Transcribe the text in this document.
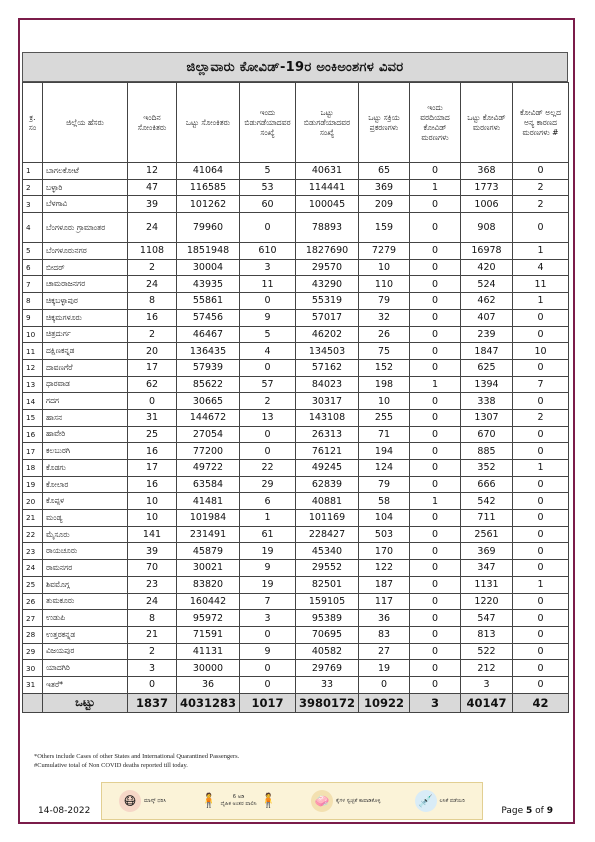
ಜಿಲ್ಲಾವಾರು ಕೋವಿಡ್-19ರ ಅಂಕಿಅಂಶಗಳ ವಿವರ
ಕ್ರ. ಸಂ	ಜಿಲ್ಲೆಯ ಹೆಸರು	ಇಂದಿನ ಸೋಂಕಿತರು	ಒಟ್ಟು ಸೋಂಕಿತರು	ಇಂದು ಬಿಡುಗಡೆಯಾದವರ ಸಂಖ್ಯೆ	ಒಟ್ಟು ಬಿಡುಗಡೆಯಾದವರ ಸಂಖ್ಯೆ	ಒಟ್ಟು ಸಕ್ರಿಯ ಪ್ರಕರಣಗಳು	ಇಂದು ವರದಿಯಾದ ಕೋವಿಡ್ ಮರಣಗಳು	ಒಟ್ಟು ಕೋವಿಡ್ ಮರಣಗಳು	ಕೋವಿಡ್ ಅಲ್ಲದ ಅನ್ಯ ಕಾರಣದ ಮರಣಗಳು #
1	ಬಾಗಲಕೋಟೆ	12	41064	5	40631	65	0	368	0
2	ಬಳ್ಳಾರಿ	47	116585	53	114441	369	1	1773	2
3	ಬೆಳಗಾವಿ	39	101262	60	100045	209	0	1006	2
4	ಬೆಂಗಳೂರು ಗ್ರಾಮಾಂತರ	24	79960	0	78893	159	0	908	0
5	ಬೆಂಗಳೂರುನಗರ	1108	1851948	610	1827690	7279	0	16978	1
6	ಬೀದರ್	2	30004	3	29570	10	0	420	4
7	ಚಾಮರಾಜನಗರ	24	43935	11	43290	110	0	524	11
8	ಚಿಕ್ಕಬಳ್ಳಾಪುರ	8	55861	0	55319	79	0	462	1
9	ಚಿಕ್ಕಮಗಳೂರು	16	57456	9	57017	32	0	407	0
10	ಚಿತ್ರದುರ್ಗ	2	46467	5	46202	26	0	239	0
11	ದಕ್ಷಿಣಕನ್ನಡ	20	136435	4	134503	75	0	1847	10
12	ದಾವಣಗೆರೆ	17	57939	0	57162	152	0	625	0
13	ಧಾರವಾಡ	62	85622	57	84023	198	1	1394	7
14	ಗದಗ	0	30665	2	30317	10	0	338	0
15	ಹಾಸನ	31	144672	13	143108	255	0	1307	2
16	ಹಾವೇರಿ	25	27054	0	26313	71	0	670	0
17	ಕಲಬುರಗಿ	16	77200	0	76121	194	0	885	0
18	ಕೊಡಗು	17	49722	22	49245	124	0	352	1
19	ಕೋಲಾರ	16	63584	29	62839	79	0	666	0
20	ಕೊಪ್ಪಳ	10	41481	6	40881	58	1	542	0
21	ಮಂಡ್ಯ	10	101984	1	101169	104	0	711	0
22	ಮೈಸೂರು	141	231491	61	228427	503	0	2561	0
23	ರಾಯಚೂರು	39	45879	19	45340	170	0	369	0
24	ರಾಮನಗರ	70	30021	9	29552	122	0	347	0
25	ಶಿವಮೊಗ್ಗ	23	83820	19	82501	187	0	1131	1
26	ತುಮಕೂರು	24	160442	7	159105	117	0	1220	0
27	ಉಡುಪಿ	8	95972	3	95389	36	0	547	0
28	ಉತ್ತರಕನ್ನಡ	21	71591	0	70695	83	0	813	0
29	ವಿಜಯಪುರ	2	41131	9	40582	27	0	522	0
30	ಯಾದಗಿರಿ	3	30000	0	29769	19	0	212	0
31	ಇತರೆ*	0	36	0	33	0	0	3	0
	ಒಟ್ಟು	1837	4031283	1017	3980172	10922	3	40147	42
*Others include Cases of other States and International Quarantined Passengers.
#Cumulative total of Non COVID deaths reported till today.
😷	ಮಾಸ್ಕ್ ಧರಿಸಿ 🧍	6 ಅಡಿ
ದೈಹಿಕ ಅಂತರ ಪಾಲಿಸಿ 🧍	🧼	ಕೈಗಳ ಸ್ವಚ್ಛತೆ ಕಾಪಾಡಿಕೊಳ್ಳಿ	💉	ಲಸಿಕೆ ಪಡೆಯಿರಿ
14-08-2022	Page 5 of 9
